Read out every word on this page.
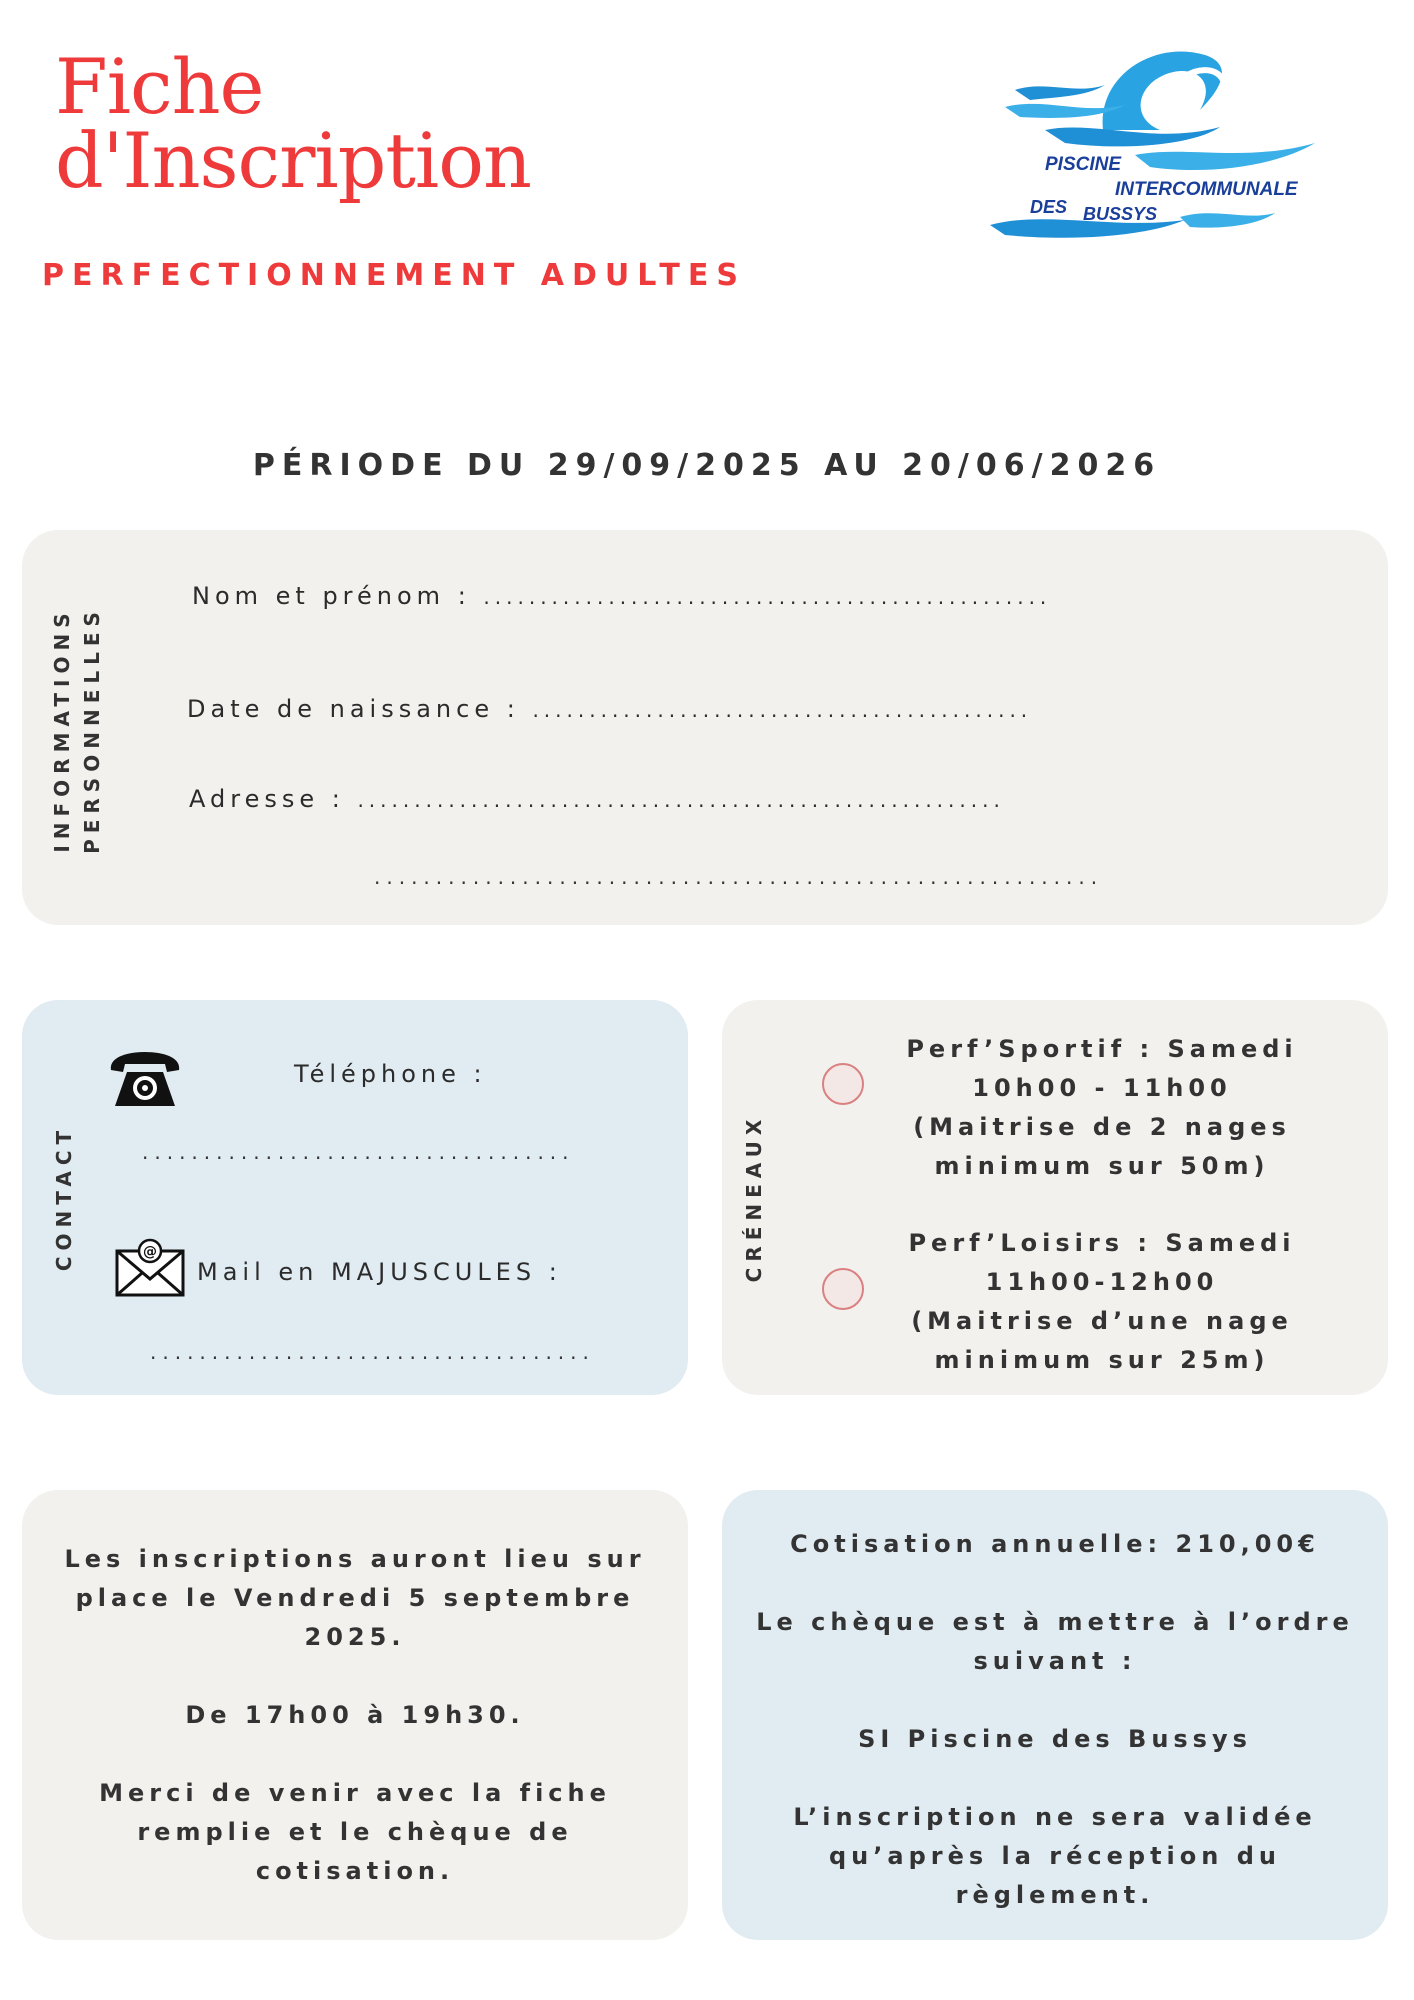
Fiche
d'Inscription
PERFECTIONNEMENT ADULTES
PISCINE
INTERCOMMUNALE
DES BUSSYS
PÉRIODE DU 29/09/2025 AU 20/06/2026
INFORMATIONS PERSONNELLES
Nom et prénom : ..................................................
Date de naissance : ............................................
Adresse : .........................................................
...........................................................
CONTACT
Téléphone :
...................................
@
Mail en MAJUSCULES :
....................................
CRÉNEAUX
Perf’Sportif : Samedi
10h00 - 11h00
(Maitrise de 2 nages
minimum sur 50m)
Perf’Loisirs : Samedi
11h00-12h00
(Maitrise d’une nage
minimum sur 25m)

Les inscriptions auront lieu sur
place le Vendredi 5 septembre
2025.

De 17h00 à 19h30.

Merci de venir avec la fiche
remplie et le chèque de
cotisation.

Cotisation annuelle: 210,00€

Le chèque est à mettre à l’ordre
suivant :

SI Piscine des Bussys

L’inscription ne sera validée
qu’après la réception du
règlement.
